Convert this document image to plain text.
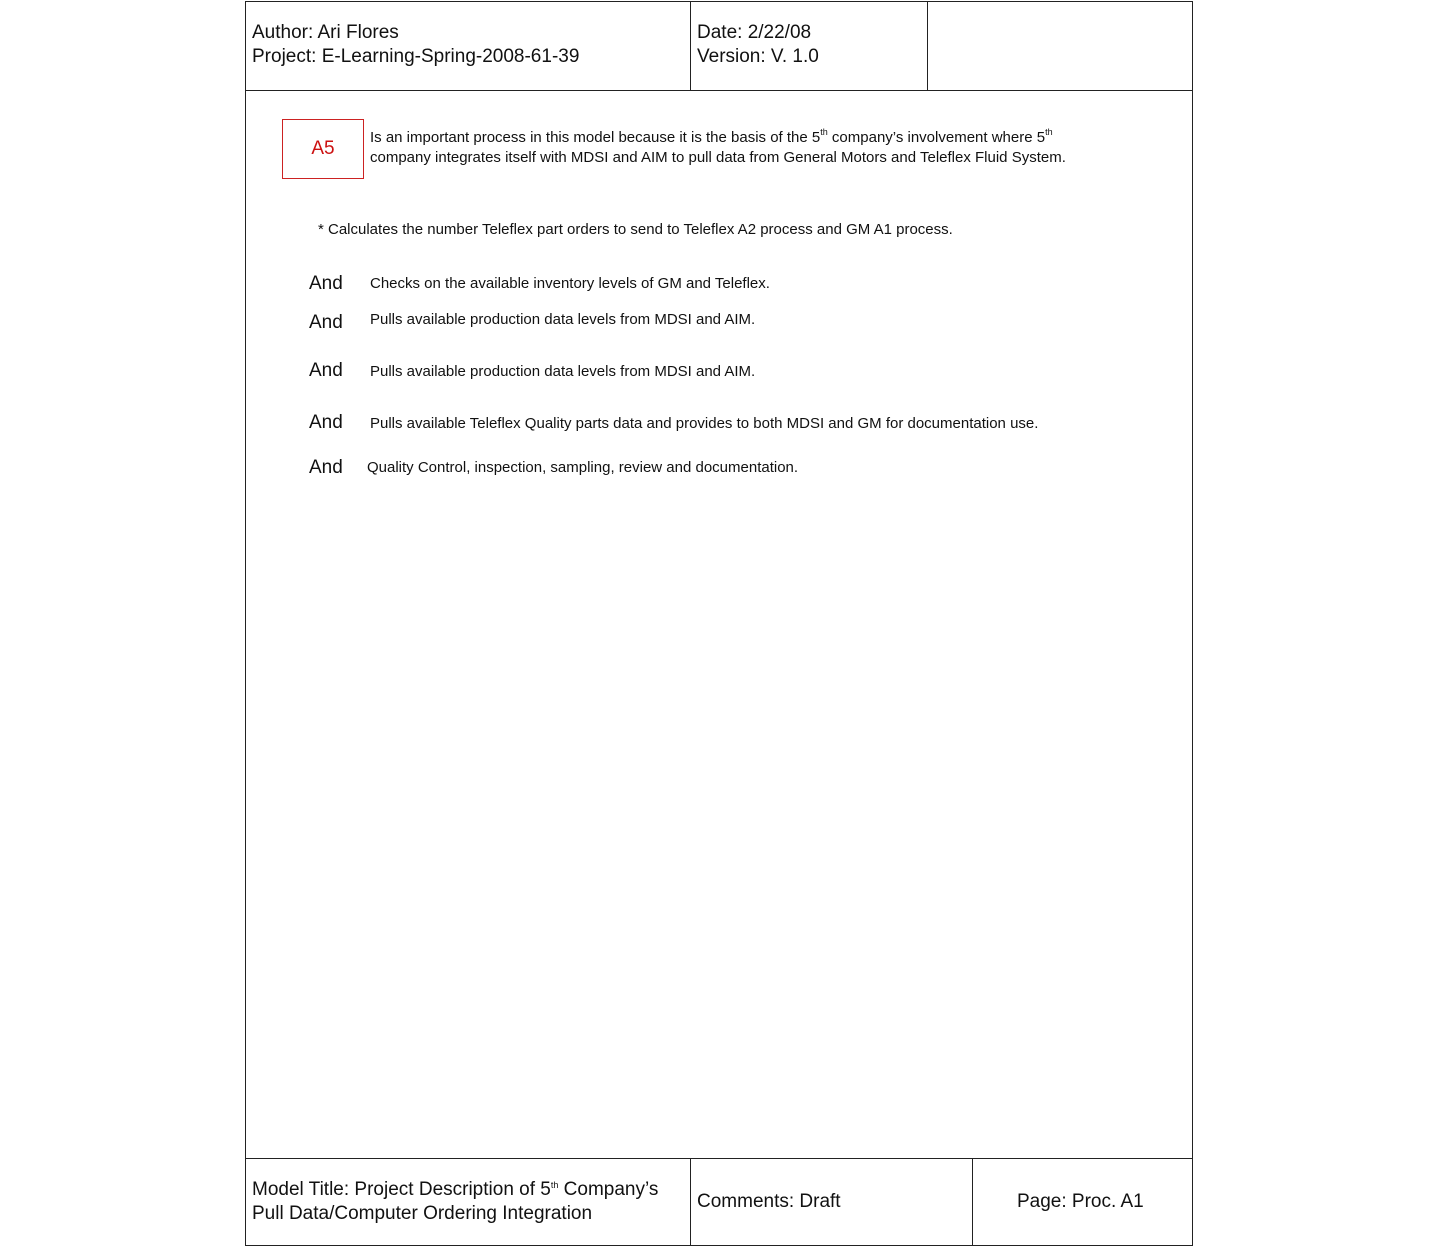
Author: Ari Flores
Project: E-Learning-Spring-2008-61-39
Date: 2/22/08
Version: V. 1.0
A5
Is an important process in this model because it is the basis of the 5th company’s involvement where 5th
company integrates itself with MDSI and AIM to pull data from General Motors and Teleflex Fluid System.
* Calculates the number Teleflex part orders to send to Teleflex A2 process and GM A1 process.
And Checks on the available inventory levels of GM and Teleflex.
And Pulls available production data levels from MDSI and AIM.
And Pulls available production data levels from MDSI and AIM.
And Pulls available Teleflex Quality parts data and provides to both MDSI and GM for documentation use.
And Quality Control, inspection, sampling, review and documentation.
Model Title: Project Description of 5th Company’s
Pull Data/Computer Ordering Integration
Comments: Draft	Page: Proc. A1
